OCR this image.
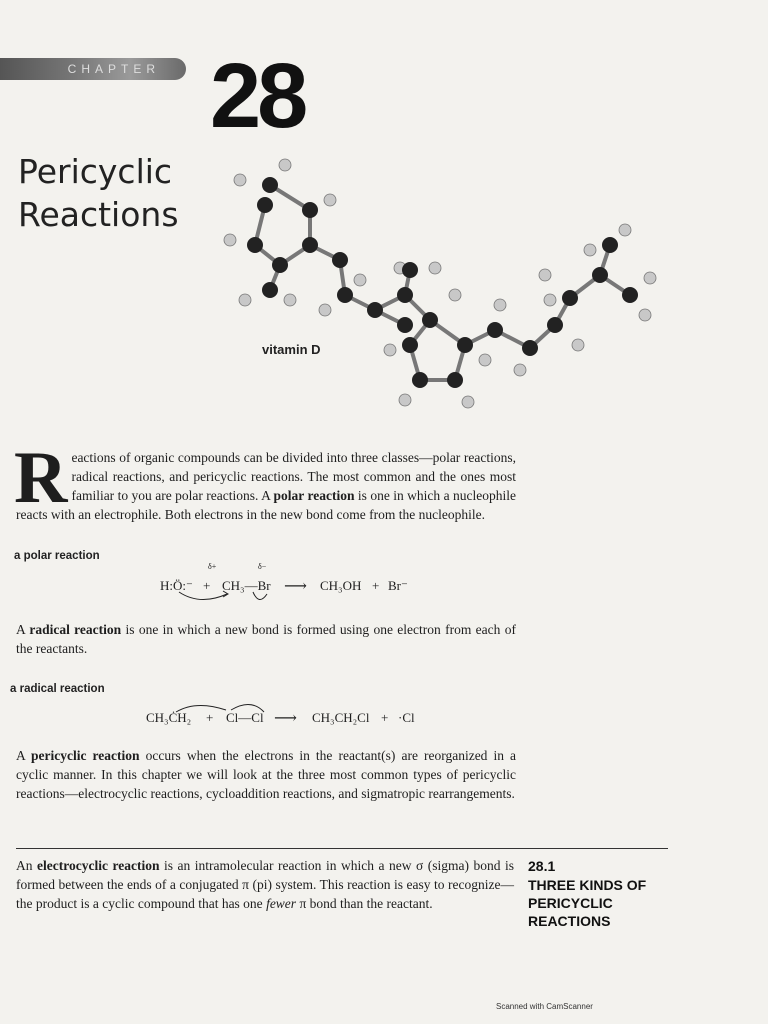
CHAPTER 28
Pericyclic
Reactions
vitamin D
Reactions of organic compounds can be divided into three classes—polar reactions, radical reactions, and pericyclic reactions. The most common and the ones most familiar to you are polar reactions. A polar reaction is one in which a nucleophile reacts with an electrophile. Both electrons in the new bond come from the nucleophile.
a polar reaction
δ+	δ−
H:Ö:⁻ + CH₃—Br ⟶ CH₃OH + Br⁻
A radical reaction is one in which a new bond is formed using one electron from each of the reactants.
a radical reaction
CH₃ĊH₂ + Cl—Cl ⟶ CH₃CH₂Cl + ·Cl
A pericyclic reaction occurs when the electrons in the reactant(s) are reorganized in a cyclic manner. In this chapter we will look at the three most common types of pericyclic reactions—electrocyclic reactions, cycloaddition reactions, and sigmatropic rearrangements.
An electrocyclic reaction is an intramolecular reaction in which a new σ (sigma) bond is formed between the ends of a conjugated π (pi) system. This reaction is easy to recognize—the product is a cyclic compound that has one fewer π bond than the reactant.
28.1
THREE KINDS OF PERICYCLIC REACTIONS
Scanned with CamScanner
